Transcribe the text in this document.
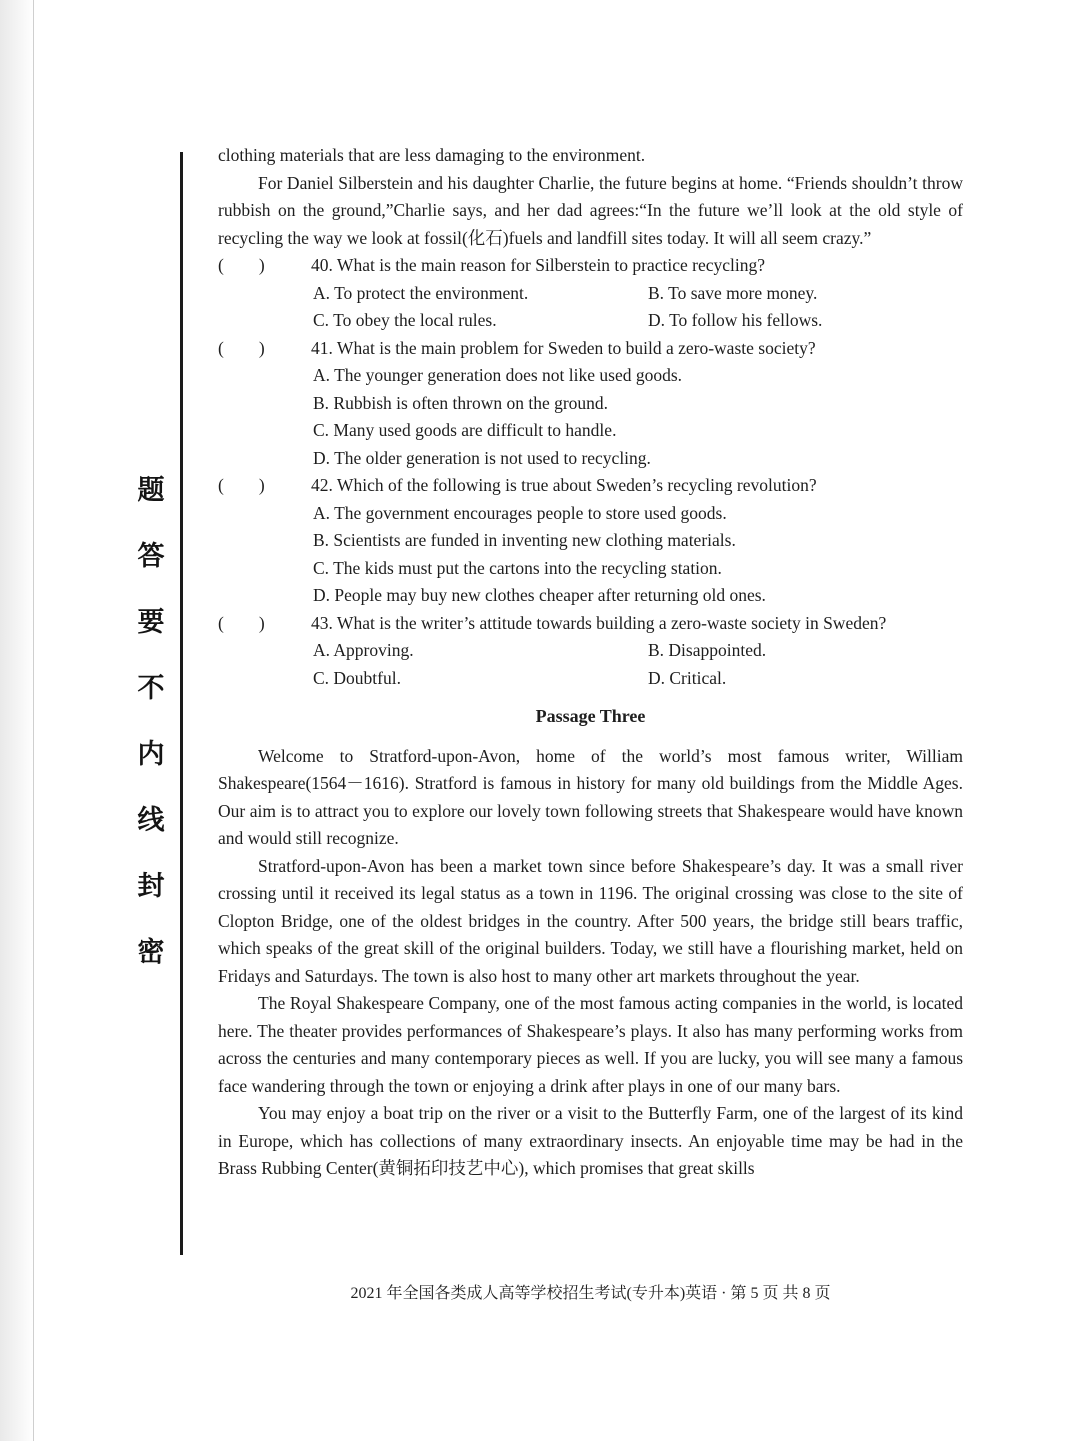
题
答
要
不
内
线
封
密

clothing materials that are less damaging to the environment.

For Daniel Silberstein and his daughter Charlie, the future begins at home. “Friends shouldn’t throw rubbish on the ground,”Charlie says, and her dad agrees:“In the future we’ll look at the old style of recycling the way we look at fossil(化石)fuels and landfill sites today. It will all seem crazy.”

(        )	40. What is the main reason for Silberstein to practice recycling?
A. To protect the environment.	B. To save more money.
C. To obey the local rules.	D. To follow his fellows.
(        )	41. What is the main problem for Sweden to build a zero-waste society?
A. The younger generation does not like used goods.
B. Rubbish is often thrown on the ground.
C. Many used goods are difficult to handle.
D. The older generation is not used to recycling.
(        )	42. Which of the following is true about Sweden’s recycling revolution?
A. The government encourages people to store used goods.
B. Scientists are funded in inventing new clothing materials.
C. The kids must put the cartons into the recycling station.
D. People may buy new clothes cheaper after returning old ones.
(        )	43. What is the writer’s attitude towards building a zero-waste society in Sweden?
A. Approving.	B. Disappointed.
C. Doubtful.	D. Critical.
Passage Three

Welcome to Stratford-upon-Avon, home of the world’s most famous writer, William Shakespeare(1564－1616). Stratford is famous in history for many old buildings from the Middle Ages. Our aim is to attract you to explore our lovely town following streets that Shakespeare would have known and would still recognize.

Stratford-upon-Avon has been a market town since before Shakespeare’s day. It was a small river crossing until it received its legal status as a town in 1196. The original crossing was close to the site of Clopton Bridge, one of the oldest bridges in the country. After 500 years, the bridge still bears traffic, which speaks of the great skill of the original builders. Today, we still have a flourishing market, held on Fridays and Saturdays. The town is also host to many other art markets throughout the year.

The Royal Shakespeare Company, one of the most famous acting companies in the world, is located here. The theater provides performances of Shakespeare’s plays. It also has many performing works from across the centuries and many contemporary pieces as well. If you are lucky, you will see many a famous face wandering through the town or enjoying a drink after plays in one of our many bars.

You may enjoy a boat trip on the river or a visit to the Butterfly Farm, one of the largest of its kind in Europe, which has collections of many extraordinary insects. An enjoyable time may be had in the Brass Rubbing Center(黄铜拓印技艺中心), which promises that great skills

2021 年全国各类成人高等学校招生考试(专升本)英语 · 第 5 页 共 8 页
